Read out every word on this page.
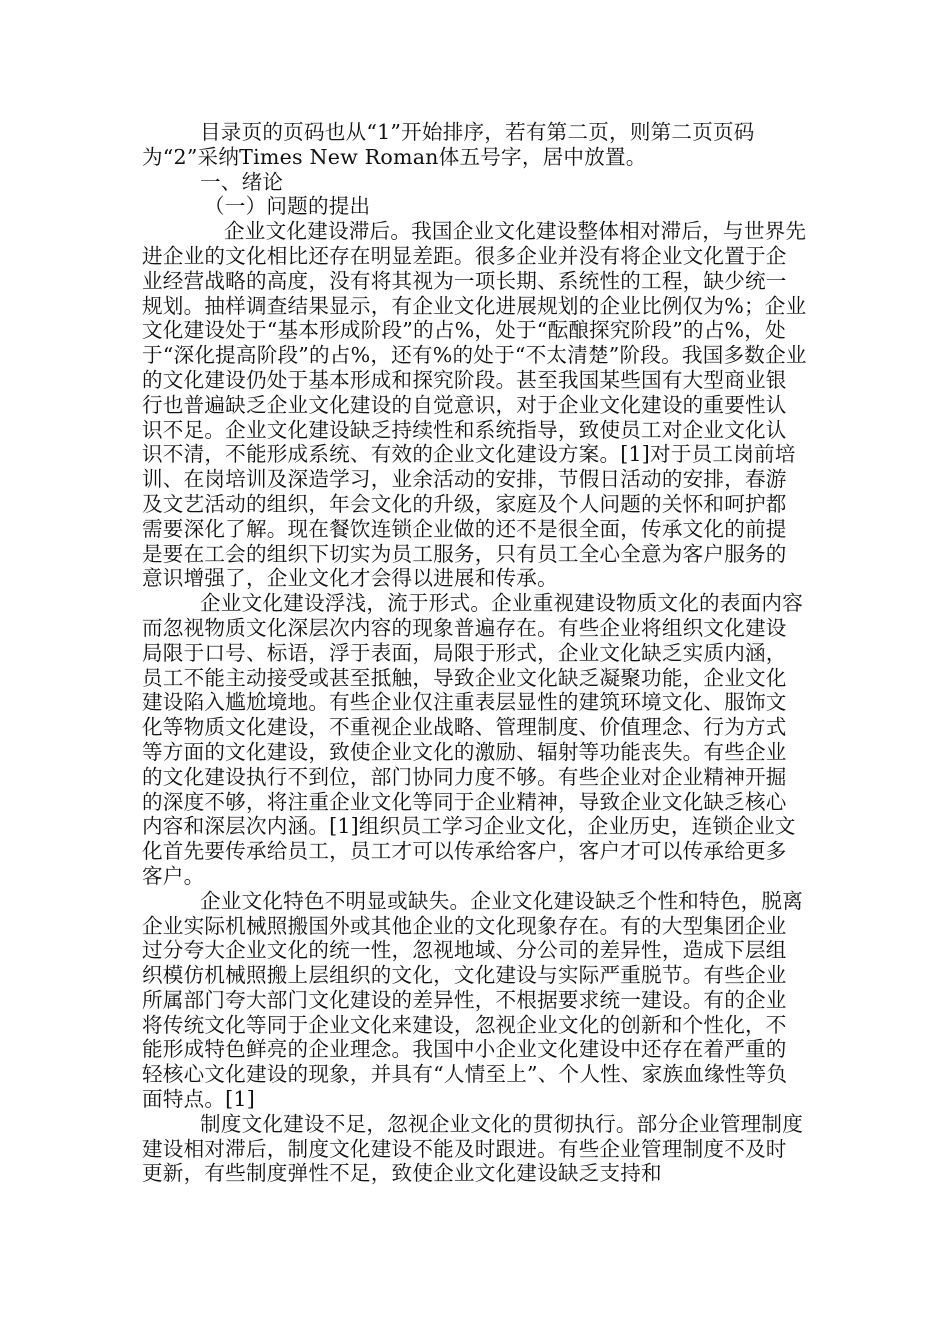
目录页的页码也从“1”开始排序，若有第二页，则第二页页码为“2”采纳Times New Roman体五号字，居中放置。

一、绪论

（一）问题的提出

企业文化建设滞后。我国企业文化建设整体相对滞后，与世界先进企业的文化相比还存在明显差距。很多企业并没有将企业文化置于企业经营战略的高度，没有将其视为一项长期、系统性的工程，缺少统一规划。抽样调查结果显示，有企业文化进展规划的企业比例仅为%；企业文化建设处于“基本形成阶段”的占%，处于“酝酿探究阶段”的占%，处于“深化提高阶段”的占%，还有%的处于“不太清楚”阶段。我国多数企业的文化建设仍处于基本形成和探究阶段。甚至我国某些国有大型商业银行也普遍缺乏企业文化建设的自觉意识，对于企业文化建设的重要性认识不足。企业文化建设缺乏持续性和系统指导，致使员工对企业文化认识不清，不能形成系统、有效的企业文化建设方案。[1]对于员工岗前培训、在岗培训及深造学习，业余活动的安排，节假日活动的安排，春游及文艺活动的组织，年会文化的升级，家庭及个人问题的关怀和呵护都需要深化了解。现在餐饮连锁企业做的还不是很全面，传承文化的前提是要在工会的组织下切实为员工服务，只有员工全心全意为客户服务的意识增强了，企业文化才会得以进展和传承。

企业文化建设浮浅，流于形式。企业重视建设物质文化的表面内容而忽视物质文化深层次内容的现象普遍存在。有些企业将组织文化建设局限于口号、标语，浮于表面，局限于形式，企业文化缺乏实质内涵，员工不能主动接受或甚至抵触，导致企业文化缺乏凝聚功能，企业文化建设陷入尴尬境地。有些企业仅注重表层显性的建筑环境文化、服饰文化等物质文化建设，不重视企业战略、管理制度、价值理念、行为方式等方面的文化建设，致使企业文化的激励、辐射等功能丧失。有些企业的文化建设执行不到位，部门协同力度不够。有些企业对企业精神开掘的深度不够，将注重企业文化等同于企业精神，导致企业文化缺乏核心内容和深层次内涵。[1]组织员工学习企业文化，企业历史，连锁企业文化首先要传承给员工，员工才可以传承给客户，客户才可以传承给更多客户。

企业文化特色不明显或缺失。企业文化建设缺乏个性和特色，脱离企业实际机械照搬国外或其他企业的文化现象存在。有的大型集团企业过分夸大企业文化的统一性，忽视地域、分公司的差异性，造成下层组织模仿机械照搬上层组织的文化，文化建设与实际严重脱节。有些企业所属部门夸大部门文化建设的差异性，不根据要求统一建设。有的企业将传统文化等同于企业文化来建设，忽视企业文化的创新和个性化，不能形成特色鲜亮的企业理念。我国中小企业文化建设中还存在着严重的轻核心文化建设的现象，并具有“人情至上”、个人性、家族血缘性等负面特点。[1]

制度文化建设不足，忽视企业文化的贯彻执行。部分企业管理制度建设相对滞后，制度文化建设不能及时跟进。有些企业管理制度不及时更新，有些制度弹性不足，致使企业文化建设缺乏支持和
